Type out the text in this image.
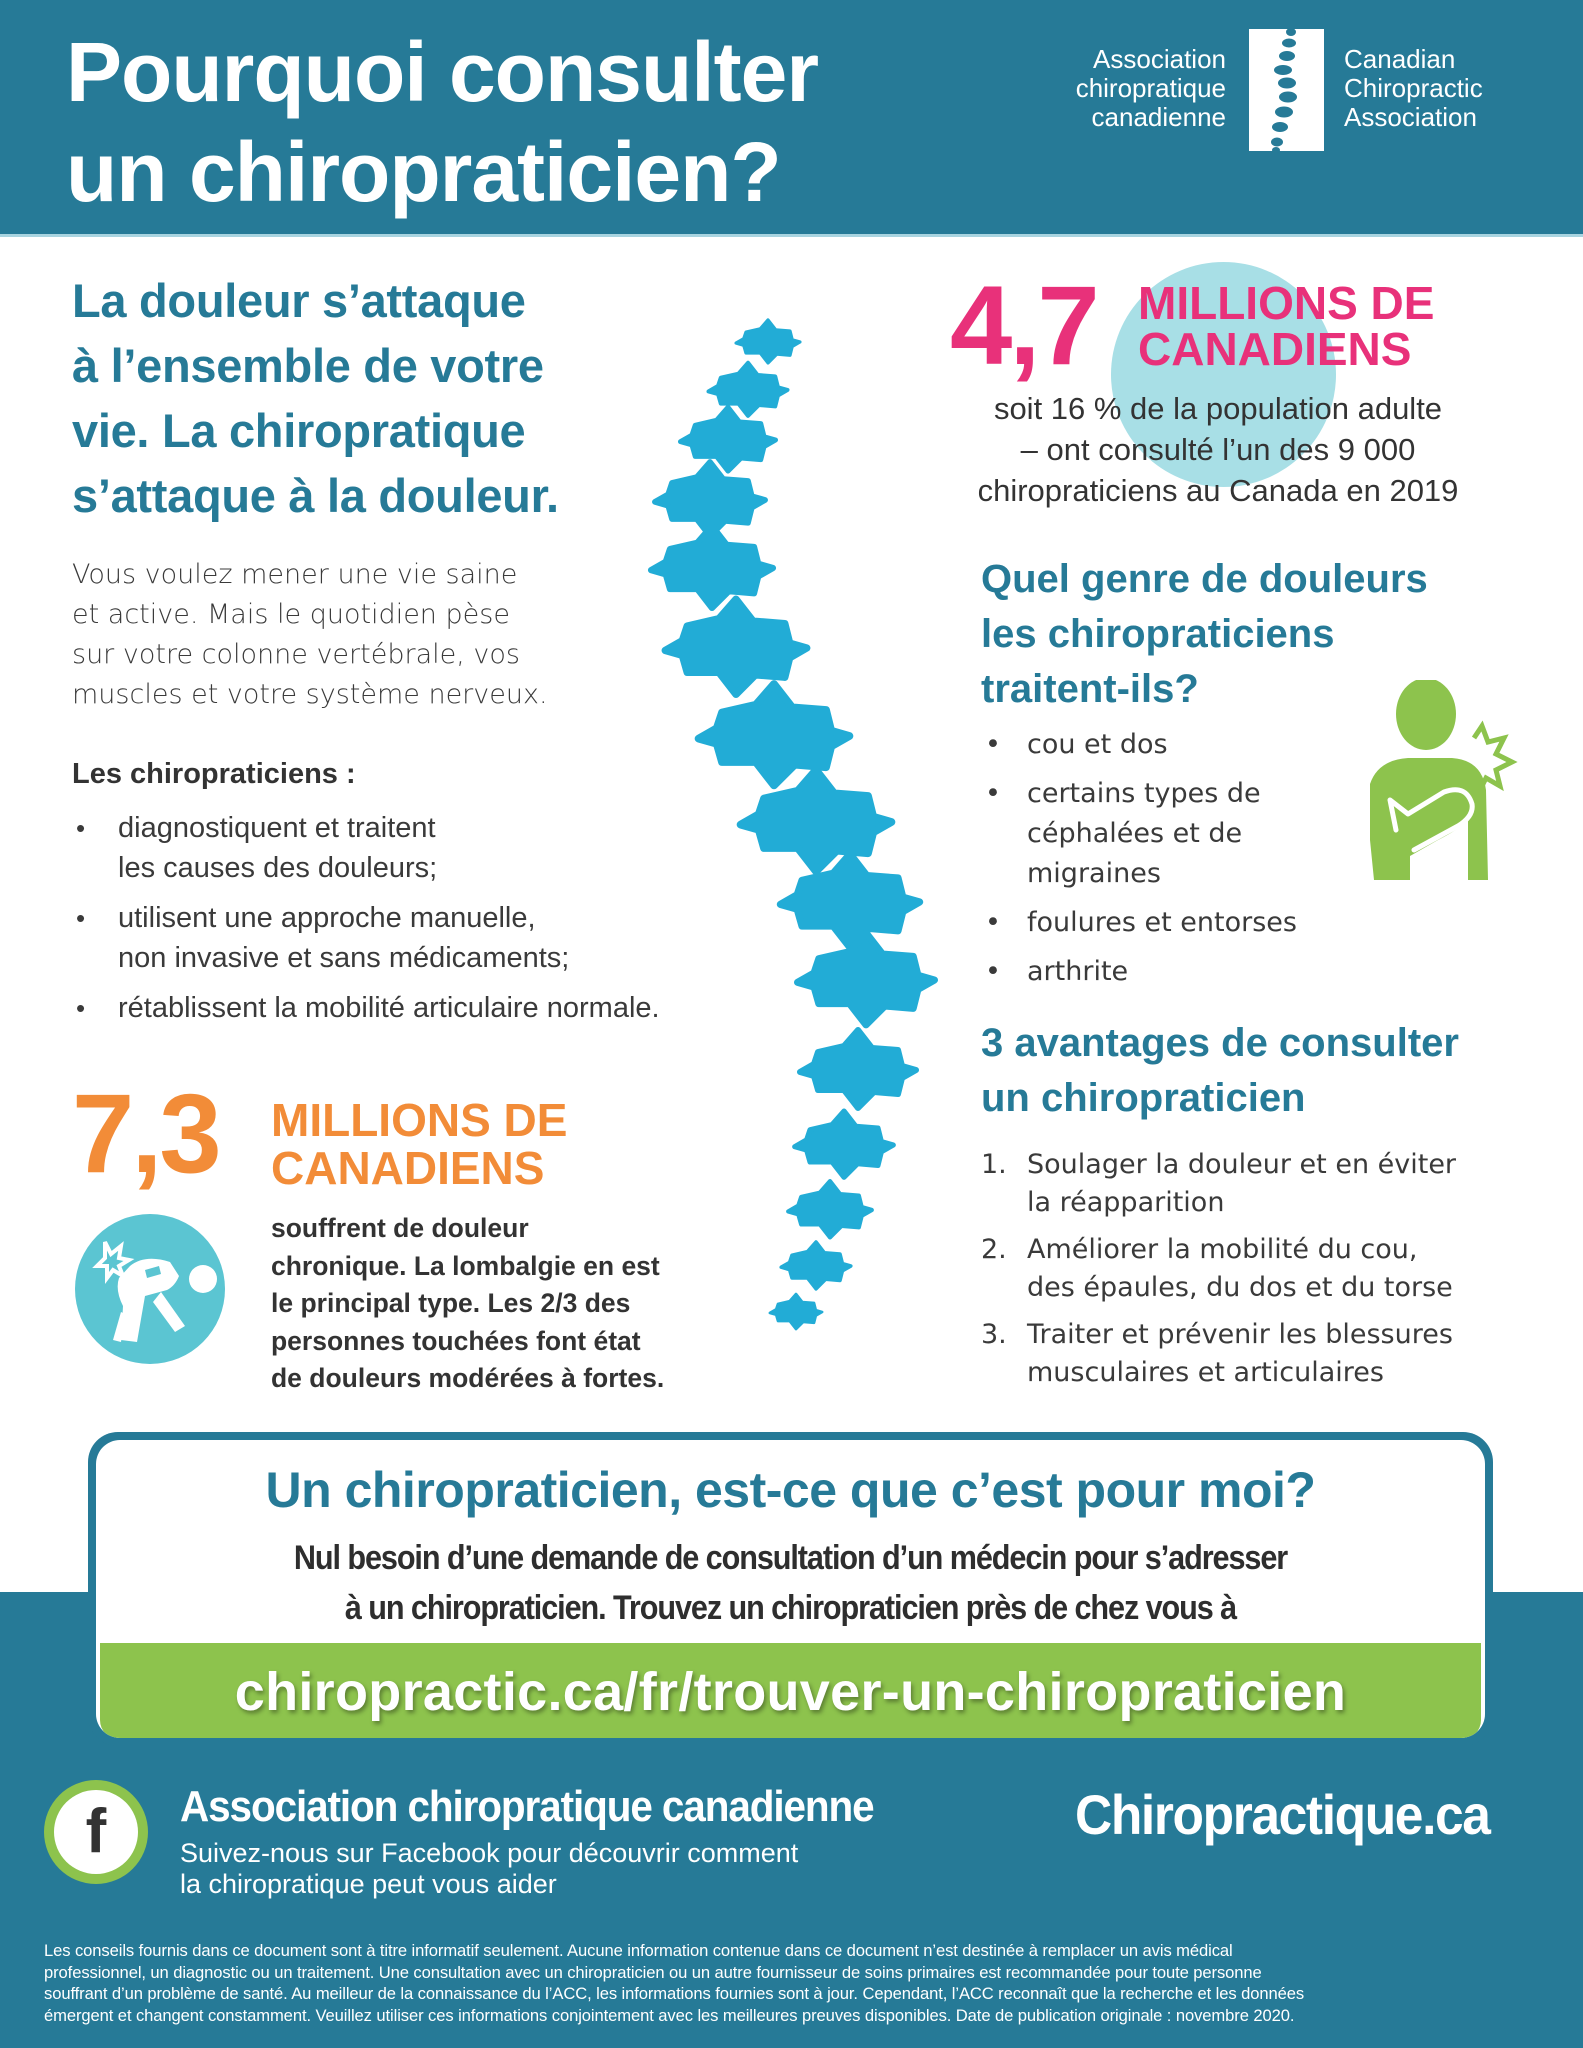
Pourquoi consulter
un chiropraticien?
Association
chiropratique
canadienne
Canadian
Chiropractic
Association
La douleur s’attaque
à l’ensemble de votre
vie. La chiropratique
s’attaque à la douleur.

Vous voulez mener une vie saine
et active. Mais le quotidien pèse
sur votre colonne vertébrale, vos
muscles et votre système nerveux.

Les chiropraticiens :
• diagnostiquent et traitent
les causes des douleurs;
• utilisent une approche manuelle,
non invasive et sans médicaments;
• rétablissent la mobilité articulaire normale.
7,3 MILLIONS DE
CANADIENS

souffrent de douleur
chronique. La lombalgie en est
le principal type. Les 2/3 des
personnes touchées font état
de douleurs modérées à fortes.

4,7 MILLIONS DE
CANADIENS

soit 16 % de la population adulte
– ont consulté l’un des 9 000
chiropraticiens au Canada en 2019

Quel genre de douleurs
les chiropraticiens
traitent-ils?
• cou et dos
• certains types de
céphalées et de
migraines
• foulures et entorses
• arthrite
3 avantages de consulter
un chiropraticien
1. Soulager la douleur et en éviter
la réapparition
2. Améliorer la mobilité du cou,
des épaules, du dos et du torse
3. Traiter et prévenir les blessures
musculaires et articulaires
Un chiropraticien, est-ce que c’est pour moi?
Nul besoin d’une demande de consultation d’un médecin pour s’adresser
à un chiropraticien. Trouvez un chiropraticien près de chez vous à
chiropractic.ca/fr/trouver-un-chiropraticien
f	Association chiropratique canadienne
Suivez-nous sur Facebook pour découvrir comment
la chiropratique peut vous aider
Chiropractique.ca

Les conseils fournis dans ce document sont à titre informatif seulement. Aucune information contenue dans ce document n’est destinée à remplacer un avis médical
professionnel, un diagnostic ou un traitement. Une consultation avec un chiropraticien ou un autre fournisseur de soins primaires est recommandée pour toute personne
souffrant d’un problème de santé. Au meilleur de la connaissance du l’ACC, les informations fournies sont à jour. Cependant, l’ACC reconnaît que la recherche et les données
émergent et changent constamment. Veuillez utiliser ces informations conjointement avec les meilleures preuves disponibles. Date de publication originale : novembre 2020.
